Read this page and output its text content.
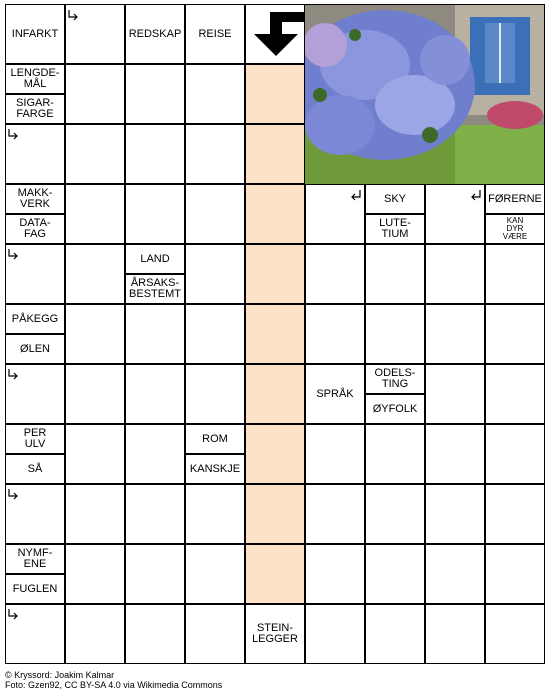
INFARKT	REDSKAP	REISE
LENGDE-
MÅL
SIGAR-
FARGE
MAKK-
VERK
DATA-
FAG
SKY
LUTE-
TIUM
FØRERNE
KAN
DYR
VÆRE
LAND
ÅRSAKS-
BESTEMT
PÅKEGG
ØLEN
ODELS-
TING
ØYFOLK
SPRÅK
PER
ULV
SÅ
ROM
KANSKJE
NYMF-
ENE
FUGLEN
STEIN-
LEGGER
© Kryssord: Joakim Kalmar
Foto: Gzen92, CC BY-SA 4.0 via Wikimedia Commons
